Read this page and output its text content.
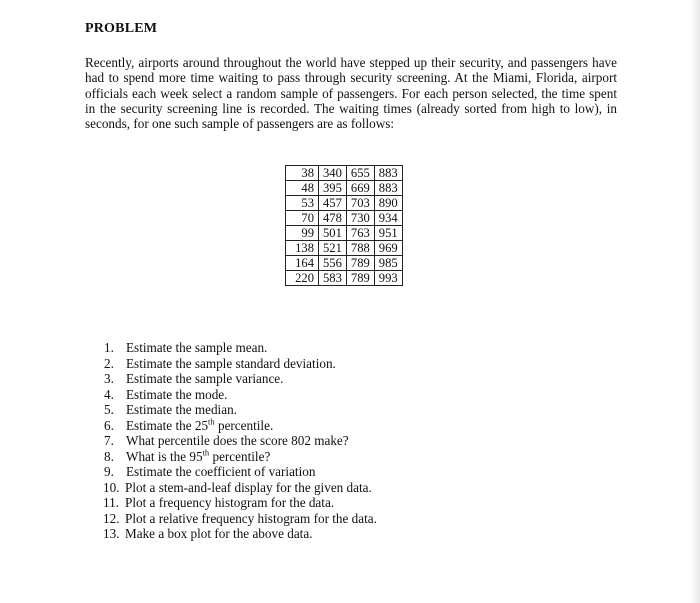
PROBLEM

Recently, airports around throughout the world have stepped up their security, and passengers have had to spend more time waiting to pass through security screening. At the Miami, Florida, airport officials each week select a random sample of passengers. For each person selected, the time spent in the security screening line is recorded. The waiting times (already sorted from high to low), in seconds, for one such sample of passengers are as follows:

38	340	655	883
48	395	669	883
53	457	703	890
70	478	730	934
99	501	763	951
138	521	788	969
164	556	789	985
220	583	789	993
1. Estimate the sample mean.
2. Estimate the sample standard deviation.
3. Estimate the sample variance.
4. Estimate the mode.
5. Estimate the median.
6. Estimate the 25th percentile.
7. What percentile does the score 802 make?
8. What is the 95th percentile?
9. Estimate the coefficient of variation
10. Plot a stem-and-leaf display for the given data.
11. Plot a frequency histogram for the data.
12. Plot a relative frequency histogram for the data.
13. Make a box plot for the above data.
